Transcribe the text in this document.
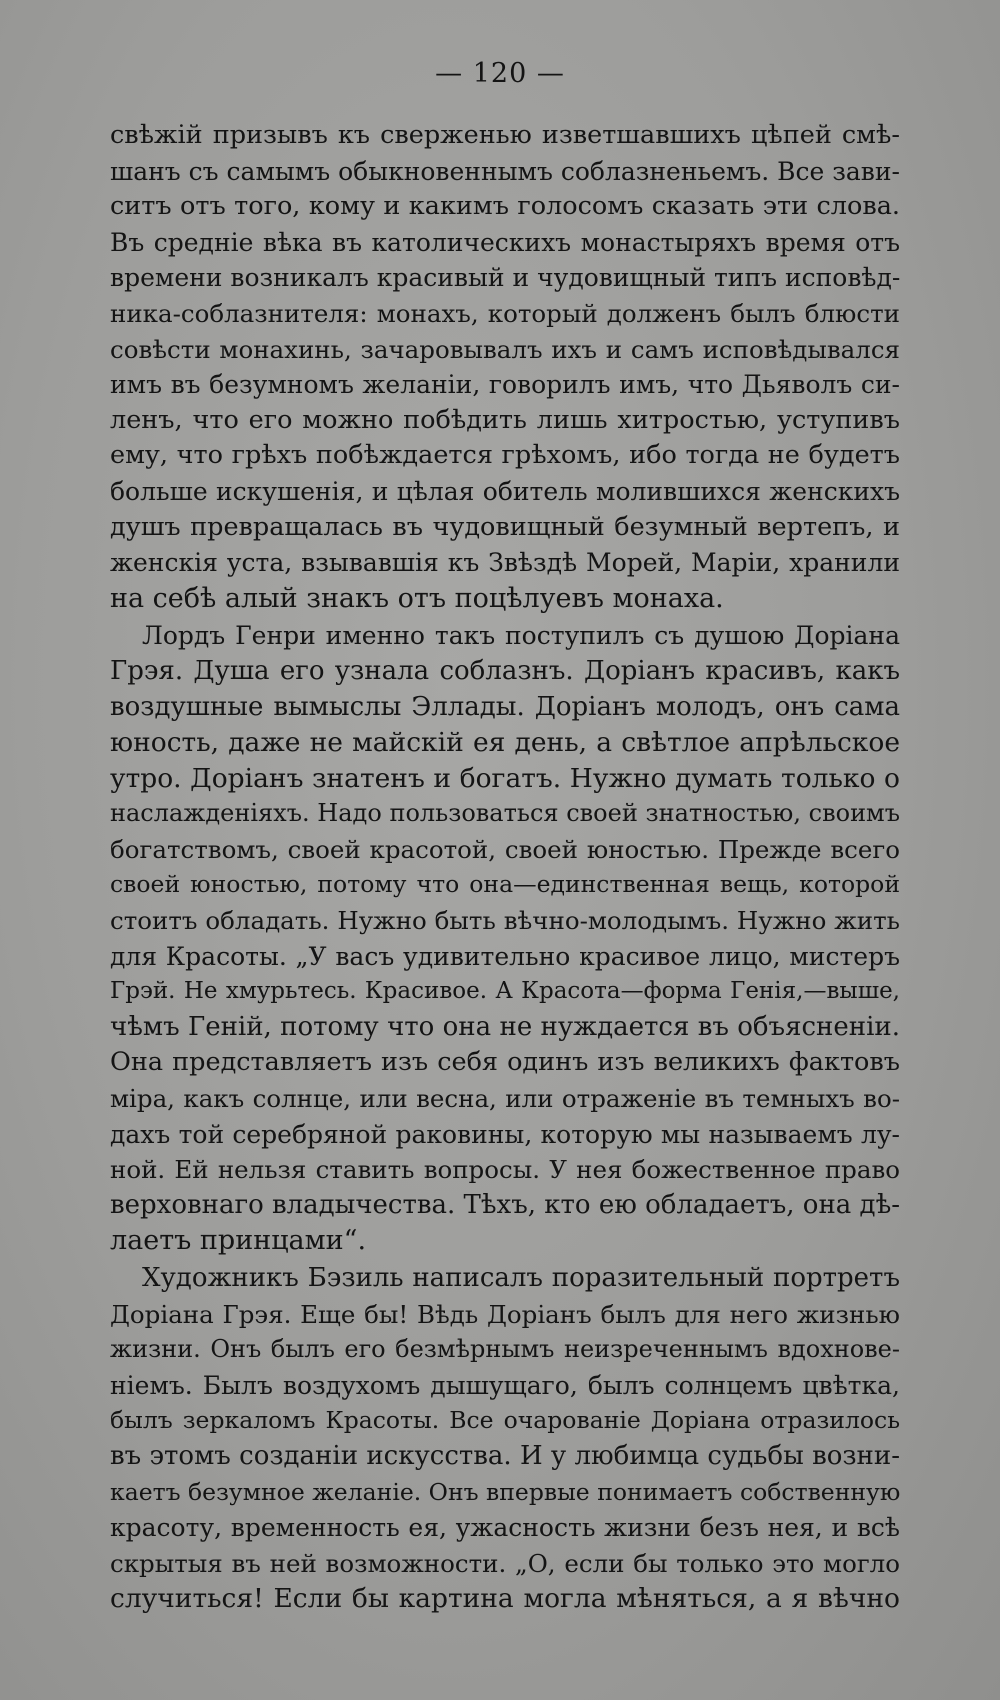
— 120 —
свѣжій призывъ къ сверженью изветшавшихъ цѣпей смѣ-
шанъ съ самымъ обыкновеннымъ соблазненьемъ. Все зави-
ситъ отъ того, кому и какимъ голосомъ сказать эти слова.
Въ средніе вѣка въ католическихъ монастыряхъ время отъ
времени возникалъ красивый и чудовищный типъ исповѣд-
ника-соблазнителя: монахъ, который долженъ былъ блюсти
совѣсти монахинь, зачаровывалъ ихъ и самъ исповѣдывался
имъ въ безумномъ желаніи, говорилъ имъ, что Дьяволъ си-
ленъ, что его можно побѣдить лишь хитростью, уступивъ
ему, что грѣхъ побѣждается грѣхомъ, ибо тогда не будетъ
больше искушенія, и цѣлая обитель молившихся женскихъ
душъ превращалась въ чудовищный безумный вертепъ, и
женскія уста, взывавшія къ Звѣздѣ Морей, Маріи, хранили
на себѣ алый знакъ отъ поцѣлуевъ монаха.
Лордъ Генри именно такъ поступилъ съ душою Доріана
Грэя. Душа его узнала соблазнъ. Доріанъ красивъ, какъ
воздушные вымыслы Эллады. Доріанъ молодъ, онъ сама
юность, даже не майскій ея день, а свѣтлое апрѣльское
утро. Доріанъ знатенъ и богатъ. Нужно думать только о
наслажденіяхъ. Надо пользоваться своей знатностью, своимъ
богатствомъ, своей красотой, своей юностью. Прежде всего
своей юностью, потому что она—единственная вещь, которой
стоитъ обладать. Нужно быть вѣчно-молодымъ. Нужно жить
для Красоты. „У васъ удивительно красивое лицо, мистеръ
Грэй. Не хмурьтесь. Красивое. А Красота—форма Генія,—выше,
чѣмъ Геній, потому что она не нуждается въ объясненіи.
Она представляетъ изъ себя одинъ изъ великихъ фактовъ
міра, какъ солнце, или весна, или отраженіе въ темныхъ во-
дахъ той серебряной раковины, которую мы называемъ лу-
ной. Ей нельзя ставить вопросы. У нея божественное право
верховнаго владычества. Тѣхъ, кто ею обладаетъ, она дѣ-
лаетъ принцами“.
Художникъ Бэзиль написалъ поразительный портретъ
Доріана Грэя. Еще бы! Вѣдь Доріанъ былъ для него жизнью
жизни. Онъ былъ его безмѣрнымъ неизреченнымъ вдохнове-
ніемъ. Былъ воздухомъ дышущаго, былъ солнцемъ цвѣтка,
былъ зеркаломъ Красоты. Все очарованіе Доріана отразилось
въ этомъ созданіи искусства. И у любимца судьбы возни-
каетъ безумное желаніе. Онъ впервые понимаетъ собственную
красоту, временность ея, ужасность жизни безъ нея, и всѣ
скрытыя въ ней возможности. „О, если бы только это могло
случиться! Если бы картина могла мѣняться, а я вѣчно
